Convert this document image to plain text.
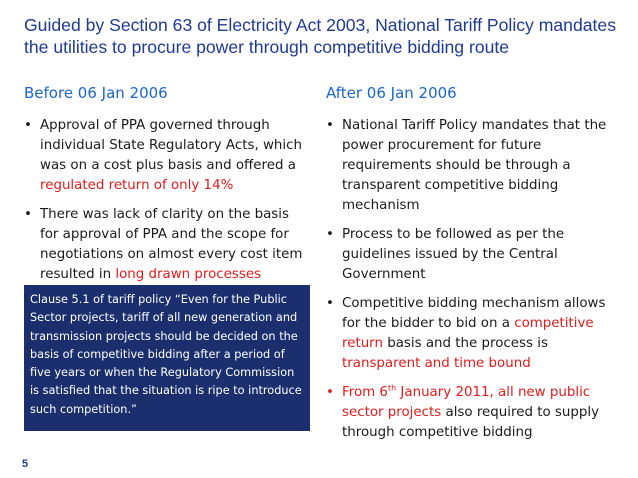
Guided by Section 63 of Electricity Act 2003, National Tariff Policy mandates the utilities to procure power through competitive bidding route
Before 06 Jan 2006	After 06 Jan 2006
• Approval of PPA governed through individual State Regulatory Acts, which was on a cost plus basis and offered a regulated return of only 14%
• There was lack of clarity on the basis for approval of PPA and the scope for negotiations on almost every cost item resulted in long drawn processes
Clause 5.1 of tariff policy “Even for the Public Sector projects, tariff of all new generation and transmission projects should be decided on the basis of competitive bidding after a period of five years or when the Regulatory Commission is satisfied that the situation is ripe to introduce such competition.”
• National Tariff Policy mandates that the power procurement for future requirements should be through a transparent competitive bidding mechanism
• Process to be followed as per the guidelines issued by the Central Government
• Competitive bidding mechanism allows for the bidder to bid on a competitive return basis and the process is transparent and time bound
• From 6th January 2011, all new public sector projects also required to supply through competitive bidding
5
